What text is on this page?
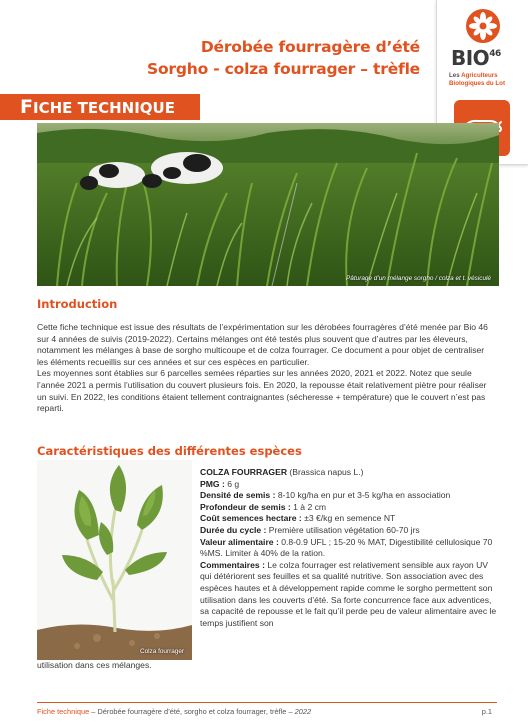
Dérobée fourragère d’été
Sorgho - colza fourrager – trèfle BIO$^{46}$
Les Agriculteurs
Biologiques du Lot
FICHE TECHNIQUE
Pâturage d’un mélange sorgho / colza et t. vésiculé
Introduction

Cette fiche technique est issue des résultats de l’expérimentation sur les dérobées fourragères d’été menée par Bio 46 sur 4 années de suivis (2019-2022). Certains mélanges ont été testés plus souvent que d’autres par les éleveurs, notamment les mélanges à base de sorgho multicoupe et de colza fourrager. Ce document a pour objet de centraliser les éléments recueillis sur ces années et sur ces espèces en particulier.

Les moyennes sont établies sur 6 parcelles semées réparties sur les années 2020, 2021 et 2022. Notez que seule l’année 2021 a permis l’utilisation du couvert plusieurs fois. En 2020, la repousse était relativement piètre pour réaliser un suivi. En 2022, les conditions étaient tellement contraignantes (sécheresse + température) que le couvert n’est pas reparti.

Caractéristiques des différentes espèces
Colza fourrager
COLZA FOURRAGER (Brassica napus L.)
PMG : 6 g
Densité de semis : 8-10 kg/ha en pur et 3-5 kg/ha en association
Profondeur de semis : 1 à 2 cm
Coût semences hectare : ±3 €/kg en semence NT
Durée du cycle : Première utilisation végétation 60-70 jrs
Valeur alimentaire : 0.8-0.9 UFL ; 15-20 % MAT, Digestibilité cellulosique 70 %MS. Limiter à 40% de la ration.
Commentaires : Le colza fourrager est relativement sensible aux rayon UV qui détériorent ses feuilles et sa qualité nutritive. Son association avec des espèces hautes et à développement rapide comme le sorgho permettent son utilisation dans les couverts d’été. Sa forte concurrence face aux adventices, sa capacité de repousse et le fait qu’il perde peu de valeur alimentaire avec le temps justifient son
utilisation dans ces mélanges.
Fiche technique – Dérobée fourragère d’été, sorgho et colza fourrager, trèfle – 2022	p.1
